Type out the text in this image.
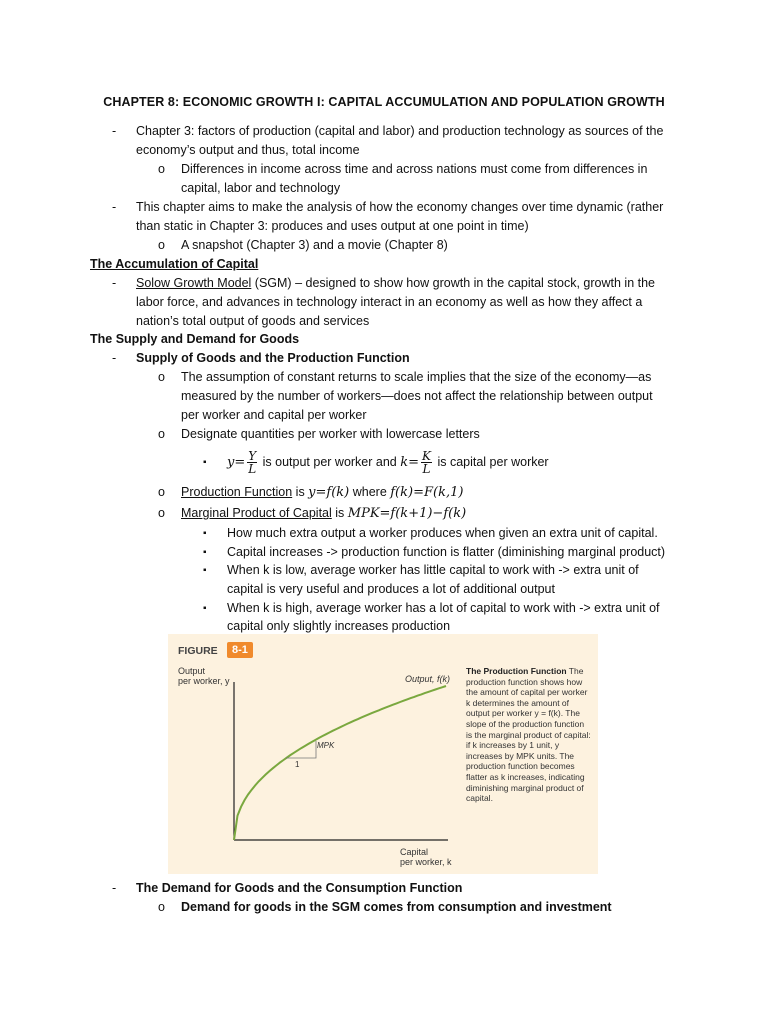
CHAPTER 8: ECONOMIC GROWTH I: CAPITAL ACCUMULATION AND POPULATION GROWTH
- Chapter 3: factors of production (capital and labor) and production technology as sources of the
economy’s output and thus, total income
o Differences in income across time and across nations must come from differences in
capital, labor and technology
- This chapter aims to make the analysis of how the economy changes over time dynamic (rather
than static in Chapter 3: produces and uses output at one point in time)
o A snapshot (Chapter 3) and a movie (Chapter 8)
The Accumulation of Capital
- Solow Growth Model (SGM) – designed to show how growth in the capital stock, growth in the
labor force, and advances in technology interact in an economy as well as how they affect a
nation’s total output of goods and services
The Supply and Demand for Goods
- Supply of Goods and the Production Function
o The assumption of constant returns to scale implies that the size of the economy—as
measured by the number of workers—does not affect the relationship between output
per worker and capital per worker
o Designate quantities per worker with lowercase letters
▪ $y= \frac{Y}{L}$ is output per worker and $k= \frac{K}{L}$ is capital per worker
o Production Function is y=f(k) where f(k)=F(k,1)
o Marginal Product of Capital is MPK=f(k+1)−f(k)
▪ How much extra output a worker produces when given an extra unit of capital.
▪ Capital increases -> production function is flatter (diminishing marginal product)
▪ When k is low, average worker has little capital to work with -> extra unit of
capital is very useful and produces a lot of additional output
▪ When k is high, average worker has a lot of capital to work with -> extra unit of
capital only slightly increases production
FIGURE	8-1
Output
per worker, y	Output, f(k)
MPK
1
Capital
per worker, k
The Production Function The production function shows how the amount of capital per worker k determines the amount of output per worker y = f(k). The slope of the production function is the marginal product of capital: if k increases by 1 unit, y increases by MPK units. The production function becomes flatter as k increases, indicating diminishing marginal product of capital.
- The Demand for Goods and the Consumption Function
o Demand for goods in the SGM comes from consumption and investment
